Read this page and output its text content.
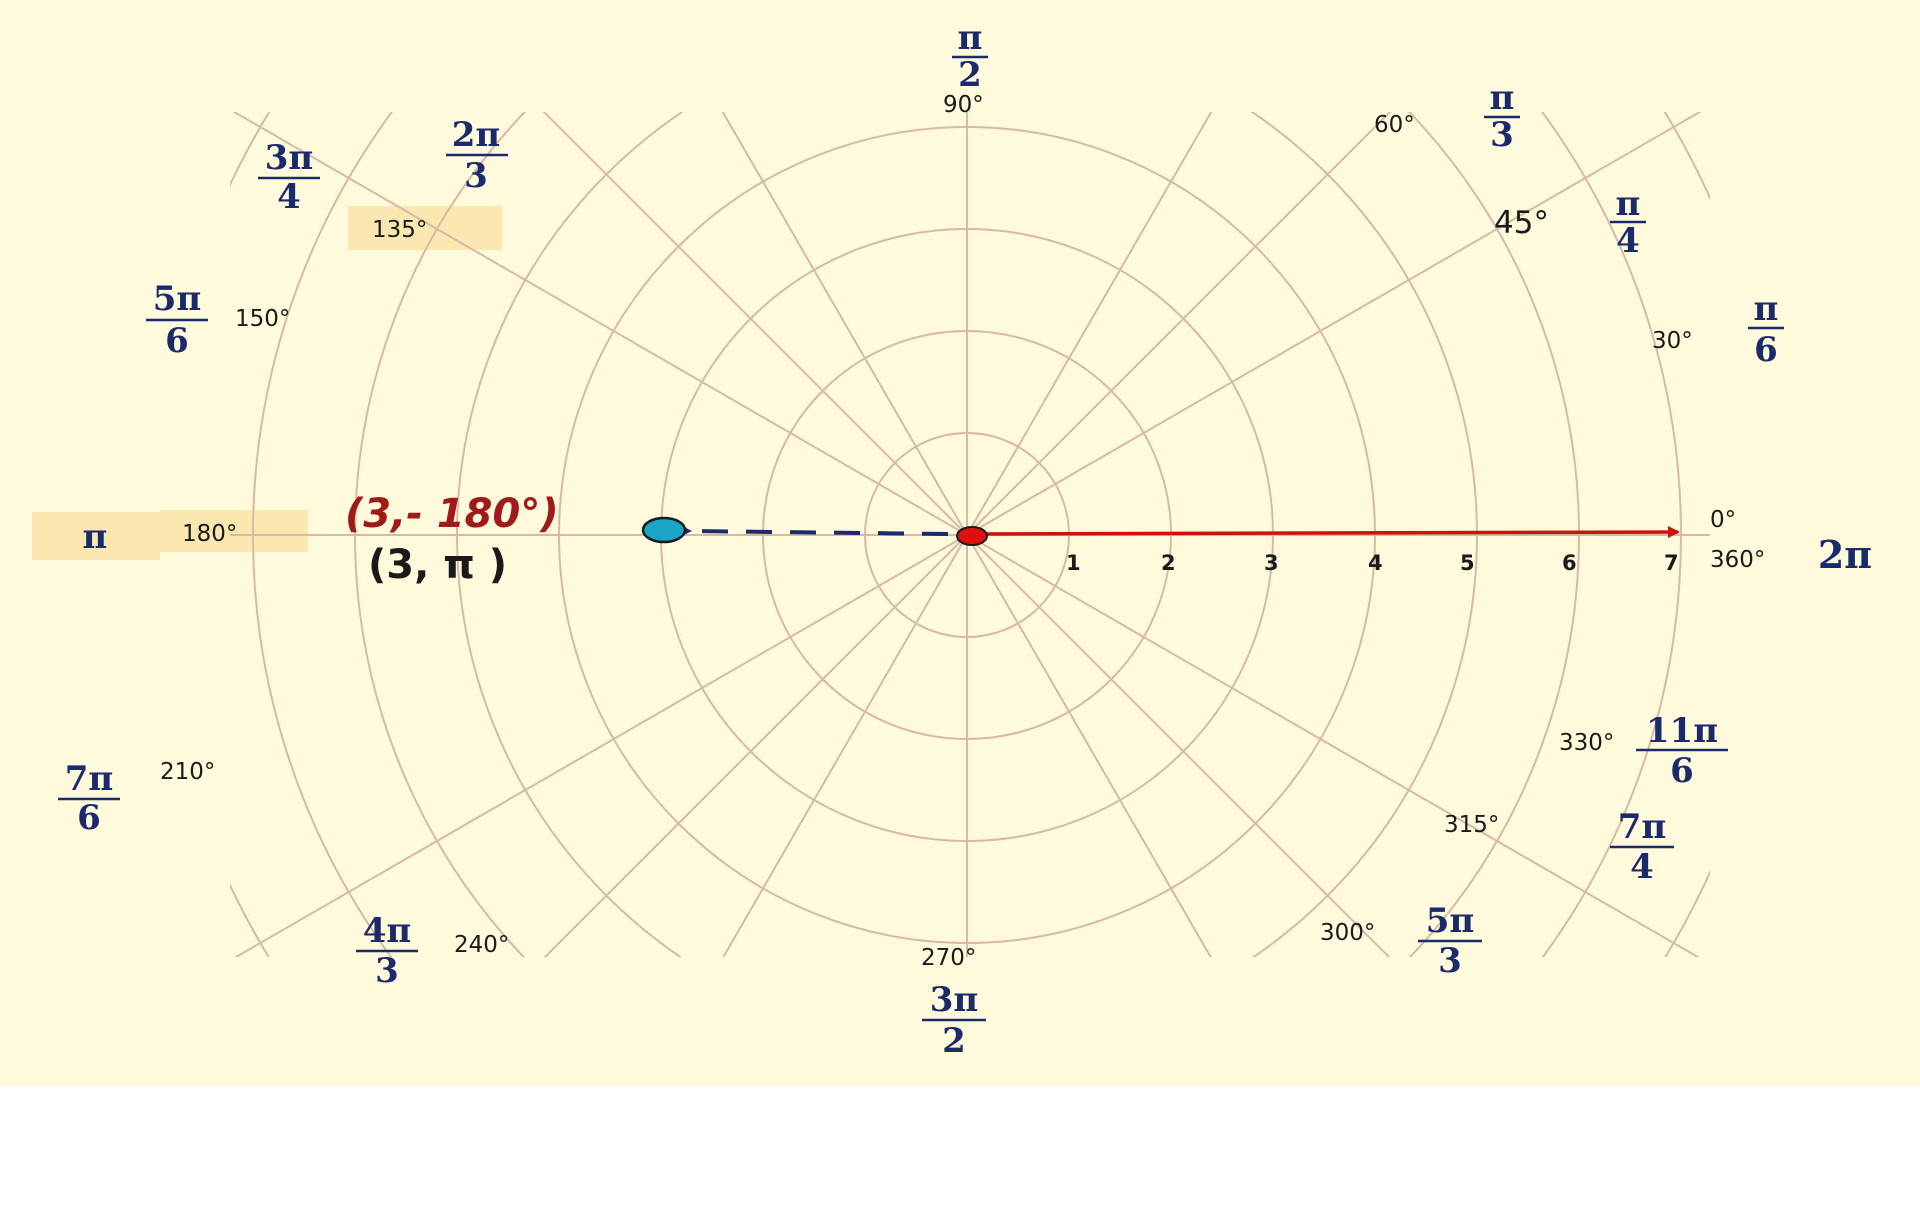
(3,- 180°)
(3, π )	1	2	3	4	5	6	7
0°
360°
30°
45°
60°
90°
135°
150°
180°
210°
240°	270°
300°
315°
330°
π
2
π
3
π
4
π
6
2π
3
3π
4
5π
6
π
7π
6
4π
3
3π
2
5π
3
7π
4
11π
6
2π
